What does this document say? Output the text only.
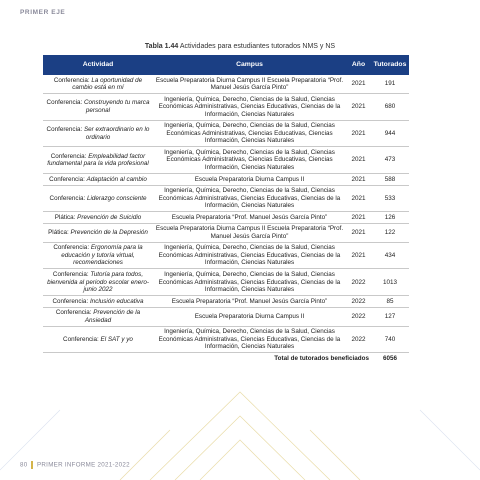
PRIMER EJE
Tabla 1.44 Actividades para estudiantes tutorados NMS y NS
Actividad	Campus	Año	Tutorados
Conferencia: La oportunidad de cambio está en mí	Escuela Preparatoria Diurna Campus II Escuela Preparatoria “Prof. Manuel Jesús García Pinto”	2021	191
Conferencia: Construyendo tu marca personal	Ingeniería, Química, Derecho, Ciencias de la Salud, Ciencias Económicas Administrativas, Ciencias Educativas, Ciencias de la Información, Ciencias Naturales	2021	680
Conferencia: Ser extraordinario en lo ordinario	Ingeniería, Química, Derecho, Ciencias de la Salud, Ciencias Económicas Administrativas, Ciencias Educativas, Ciencias Información, Ciencias Naturales	2021	944
Conferencia: Empleabilidad factor fundamental para la vida profesional	Ingeniería, Química, Derecho, Ciencias de la Salud, Ciencias Económicas Administrativas, Ciencias Educativas, Ciencias Información, Ciencias Naturales	2021	473
Conferencia: Adaptación al cambio	Escuela Preparatoria Diurna Campus II	2021	588
Conferencia: Liderazgo consciente	Ingeniería, Química, Derecho, Ciencias de la Salud, Ciencias Económicas Administrativas, Ciencias Educativas, Ciencias de la Información, Ciencias Naturales	2021	533
Plática: Prevención de Suicidio	Escuela Preparatoria “Prof. Manuel Jesús García Pinto”	2021	126
Plática: Prevención de la Depresión	Escuela Preparatoria Diurna Campus II Escuela Preparatoria “Prof. Manuel Jesús García Pinto”	2021	122
Conferencia: Ergonomía para la educación y tutoría virtual, recomendaciones	Ingeniería, Química, Derecho, Ciencias de la Salud, Ciencias Económicas Administrativas, Ciencias Educativas, Ciencias de la Información, Ciencias Naturales	2021	434
Conferencia: Tutoría para todos, bienvenida al periodo escolar enero-junio 2022	Ingeniería, Química, Derecho, Ciencias de la Salud, Ciencias Económicas Administrativas, Ciencias Educativas, Ciencias de la Información, Ciencias Naturales	2022	1013
Conferencia: Inclusión educativa	Escuela Preparatoria “Prof. Manuel Jesús García Pinto”	2022	85
Conferencia: Prevención de la Ansiedad	Escuela Preparatoria Diurna Campus II	2022	127
Conferencia: El SAT y yo	Ingeniería, Química, Derecho, Ciencias de la Salud, Ciencias Económicas Administrativas, Ciencias Educativas, Ciencias de la Información, Ciencias Naturales	2022	740
	Total de tutorados beneficiados		6056
80 PRIMER INFORME 2021-2022
